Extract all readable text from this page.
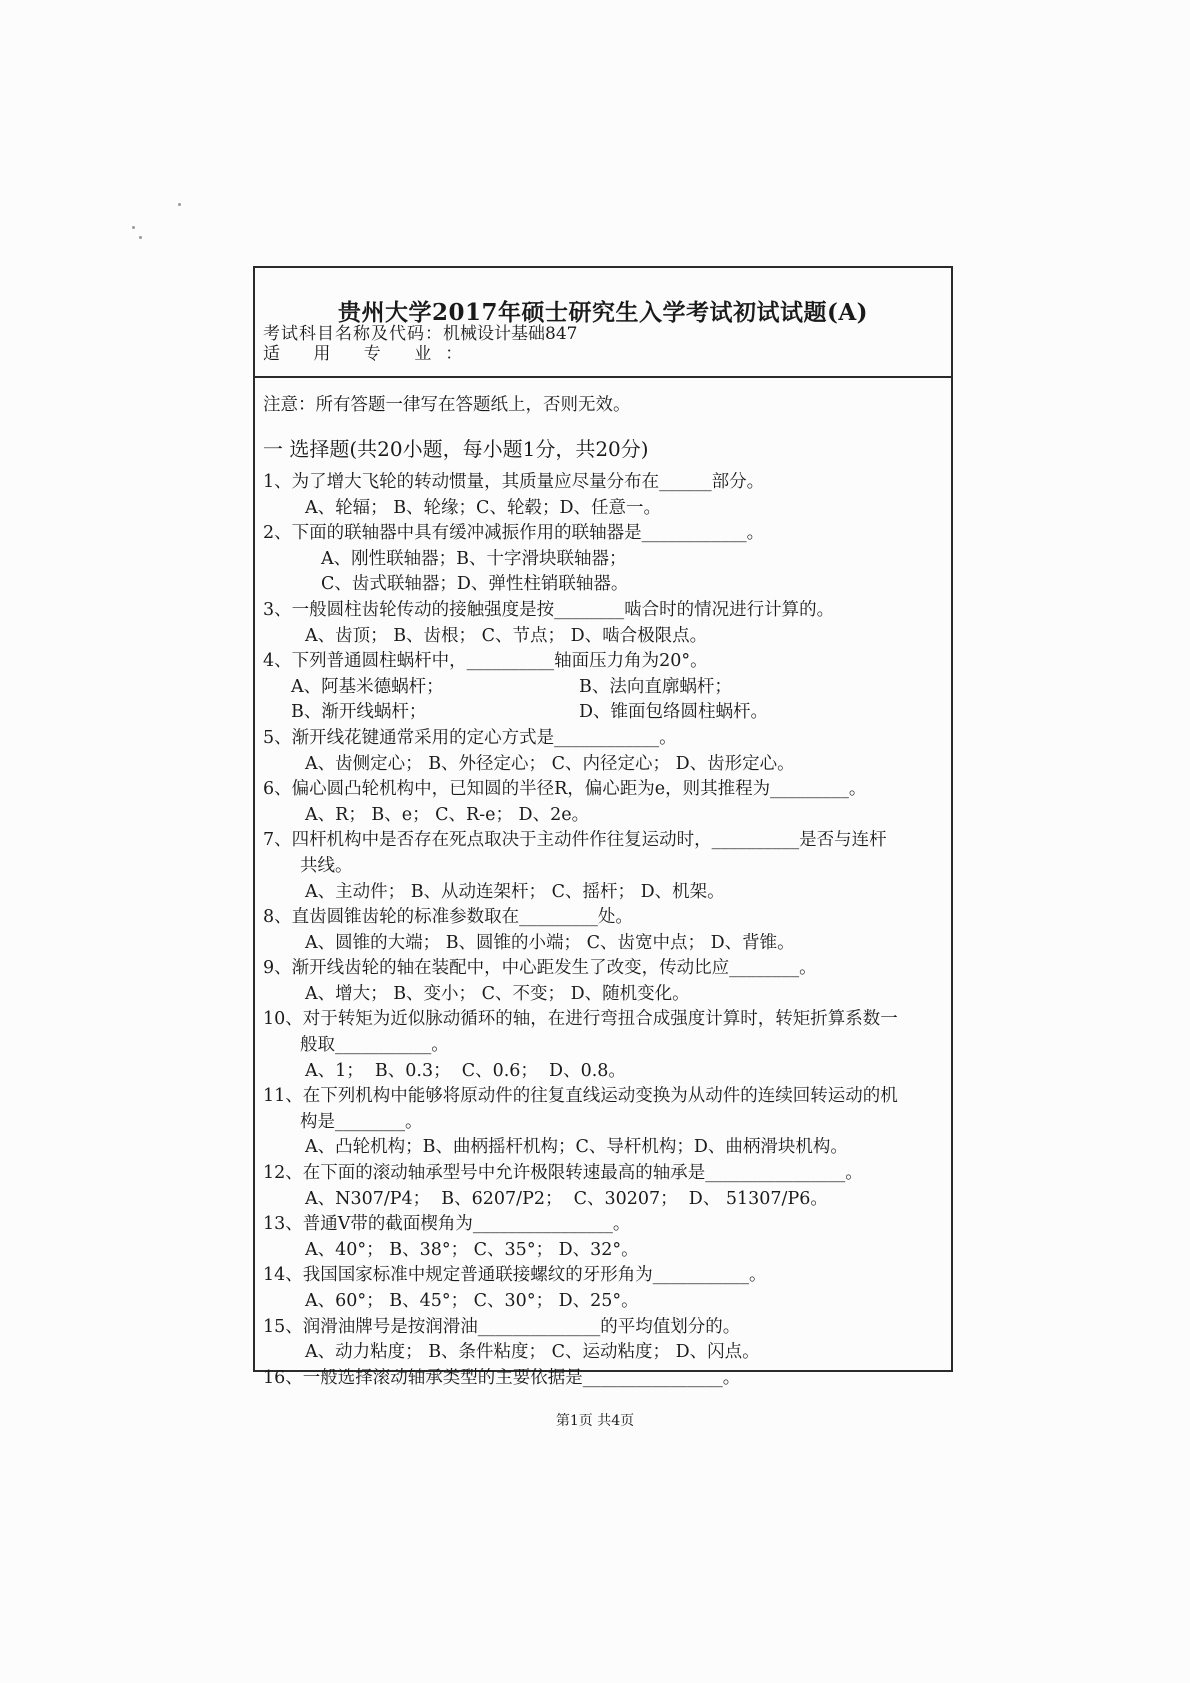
贵州大学2017年硕士研究生入学考试初试试题(A)
考试科目名称及代码：机械设计基础847
适 用 专 业：
注意：所有答题一律写在答题纸上，否则无效。
一 选择题(共20小题，每小题1分，共20分)
1、为了增大飞轮的转动惯量，其质量应尽量分布在______部分。
A、轮辐； B、轮缘；C、轮毂；D、任意一。
2、下面的联轴器中具有缓冲减振作用的联轴器是____________。
A、刚性联轴器；B、十字滑块联轴器；
C、齿式联轴器；D、弹性柱销联轴器。
3、一般圆柱齿轮传动的接触强度是按________啮合时的情况进行计算的。
A、齿顶； B、齿根； C、节点； D、啮合极限点。
4、下列普通圆柱蜗杆中，__________轴面压力角为20°。
A、阿基米德蜗杆；	B、法向直廓蜗杆；
B、渐开线蜗杆；	D、锥面包络圆柱蜗杆。
5、渐开线花键通常采用的定心方式是____________。
A、齿侧定心； B、外径定心； C、内径定心； D、齿形定心。
6、偏心圆凸轮机构中，已知圆的半径R，偏心距为e，则其推程为_________。
A、R； B、e； C、R-e； D、2e。
7、四杆机构中是否存在死点取决于主动件作往复运动时，__________是否与连杆
共线。
A、主动件； B、从动连架杆； C、摇杆； D、机架。
8、直齿圆锥齿轮的标准参数取在_________处。
A、圆锥的大端； B、圆锥的小端； C、齿宽中点； D、背锥。
9、渐开线齿轮的轴在装配中，中心距发生了改变，传动比应________。
A、增大； B、变小； C、不变； D、随机变化。
10、对于转矩为近似脉动循环的轴，在进行弯扭合成强度计算时，转矩折算系数一
般取___________。
A、1；  B、0.3；  C、0.6；  D、0.8。
11、在下列机构中能够将原动件的往复直线运动变换为从动件的连续回转运动的机
构是________。
A、凸轮机构；B、曲柄摇杆机构；C、导杆机构；D、曲柄滑块机构。
12、在下面的滚动轴承型号中允许极限转速最高的轴承是________________。
A、N307/P4；  B、6207/P2；  C、30207；  D、 51307/P6。
13、普通V带的截面楔角为________________。
A、40°； B、38°； C、35°； D、32°。
14、我国国家标准中规定普通联接螺纹的牙形角为___________。
A、60°； B、45°； C、30°； D、25°。
15、润滑油牌号是按润滑油______________的平均值划分的。
A、动力粘度； B、条件粘度； C、运动粘度； D、闪点。
16、一般选择滚动轴承类型的主要依据是________________。
第1页 共4页
